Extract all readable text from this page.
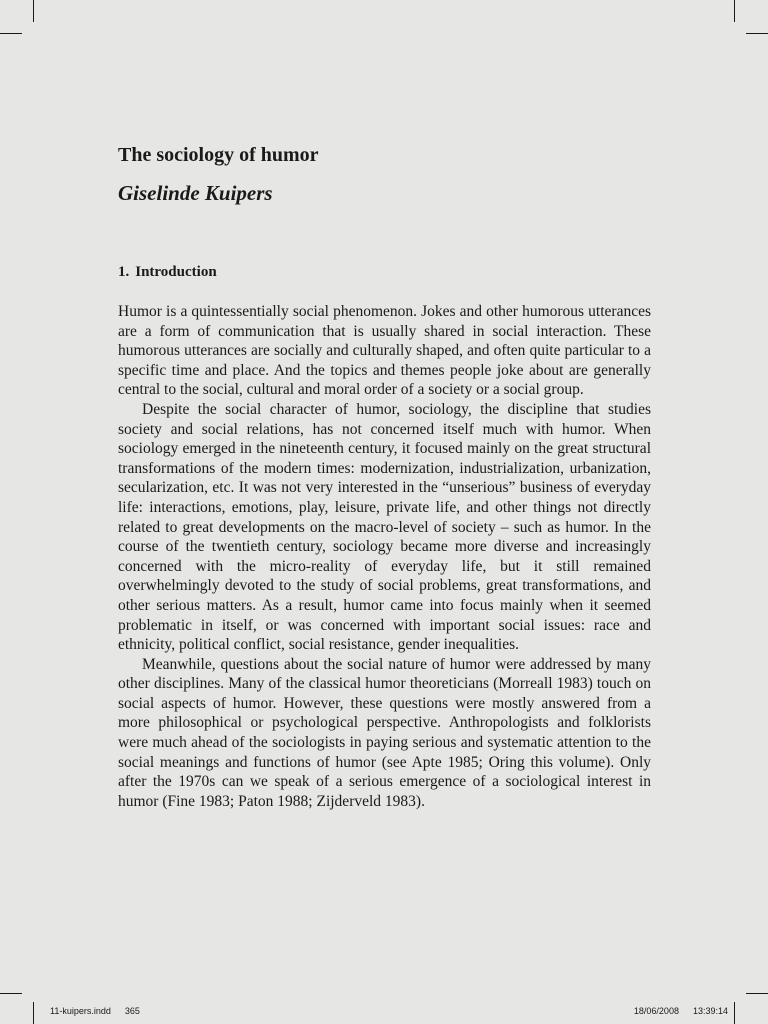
The sociology of humor
Giselinde Kuipers
1. Introduction

Humor is a quintessentially social phenomenon. Jokes and other humorous utterances are a form of communication that is usually shared in social interaction. These humorous utterances are socially and culturally shaped, and often quite particular to a specific time and place. And the topics and themes people joke about are generally central to the social, cultural and moral order of a society or a social group.

Despite the social character of humor, sociology, the discipline that studies society and social relations, has not concerned itself much with humor. When sociology emerged in the nineteenth century, it focused mainly on the great structural transformations of the modern times: modernization, industrialization, urbanization, secularization, etc. It was not very interested in the “unserious” business of everyday life: interactions, emotions, play, leisure, private life, and other things not directly related to great developments on the macro-level of society – such as humor. In the course of the twentieth century, sociology became more diverse and increasingly concerned with the micro-reality of everyday life, but it still remained overwhelmingly devoted to the study of social problems, great transformations, and other serious matters. As a result, humor came into focus mainly when it seemed problematic in itself, or was concerned with important social issues: race and ethnicity, political conflict, social resistance, gender inequalities.

Meanwhile, questions about the social nature of humor were addressed by many other disciplines. Many of the classical humor theoreticians (Morreall 1983) touch on social aspects of humor. However, these questions were mostly answered from a more philosophical or psychological perspective. Anthropologists and folklorists were much ahead of the sociologists in paying serious and systematic attention to the social meanings and functions of humor (see Apte 1985; Oring this volume). Only after the 1970s can we speak of a serious emergence of a sociological interest in humor (Fine 1983; Paton 1988; Zijderveld 1983).

11-kuipers.indd 365	18/06/2008 13:39:14
